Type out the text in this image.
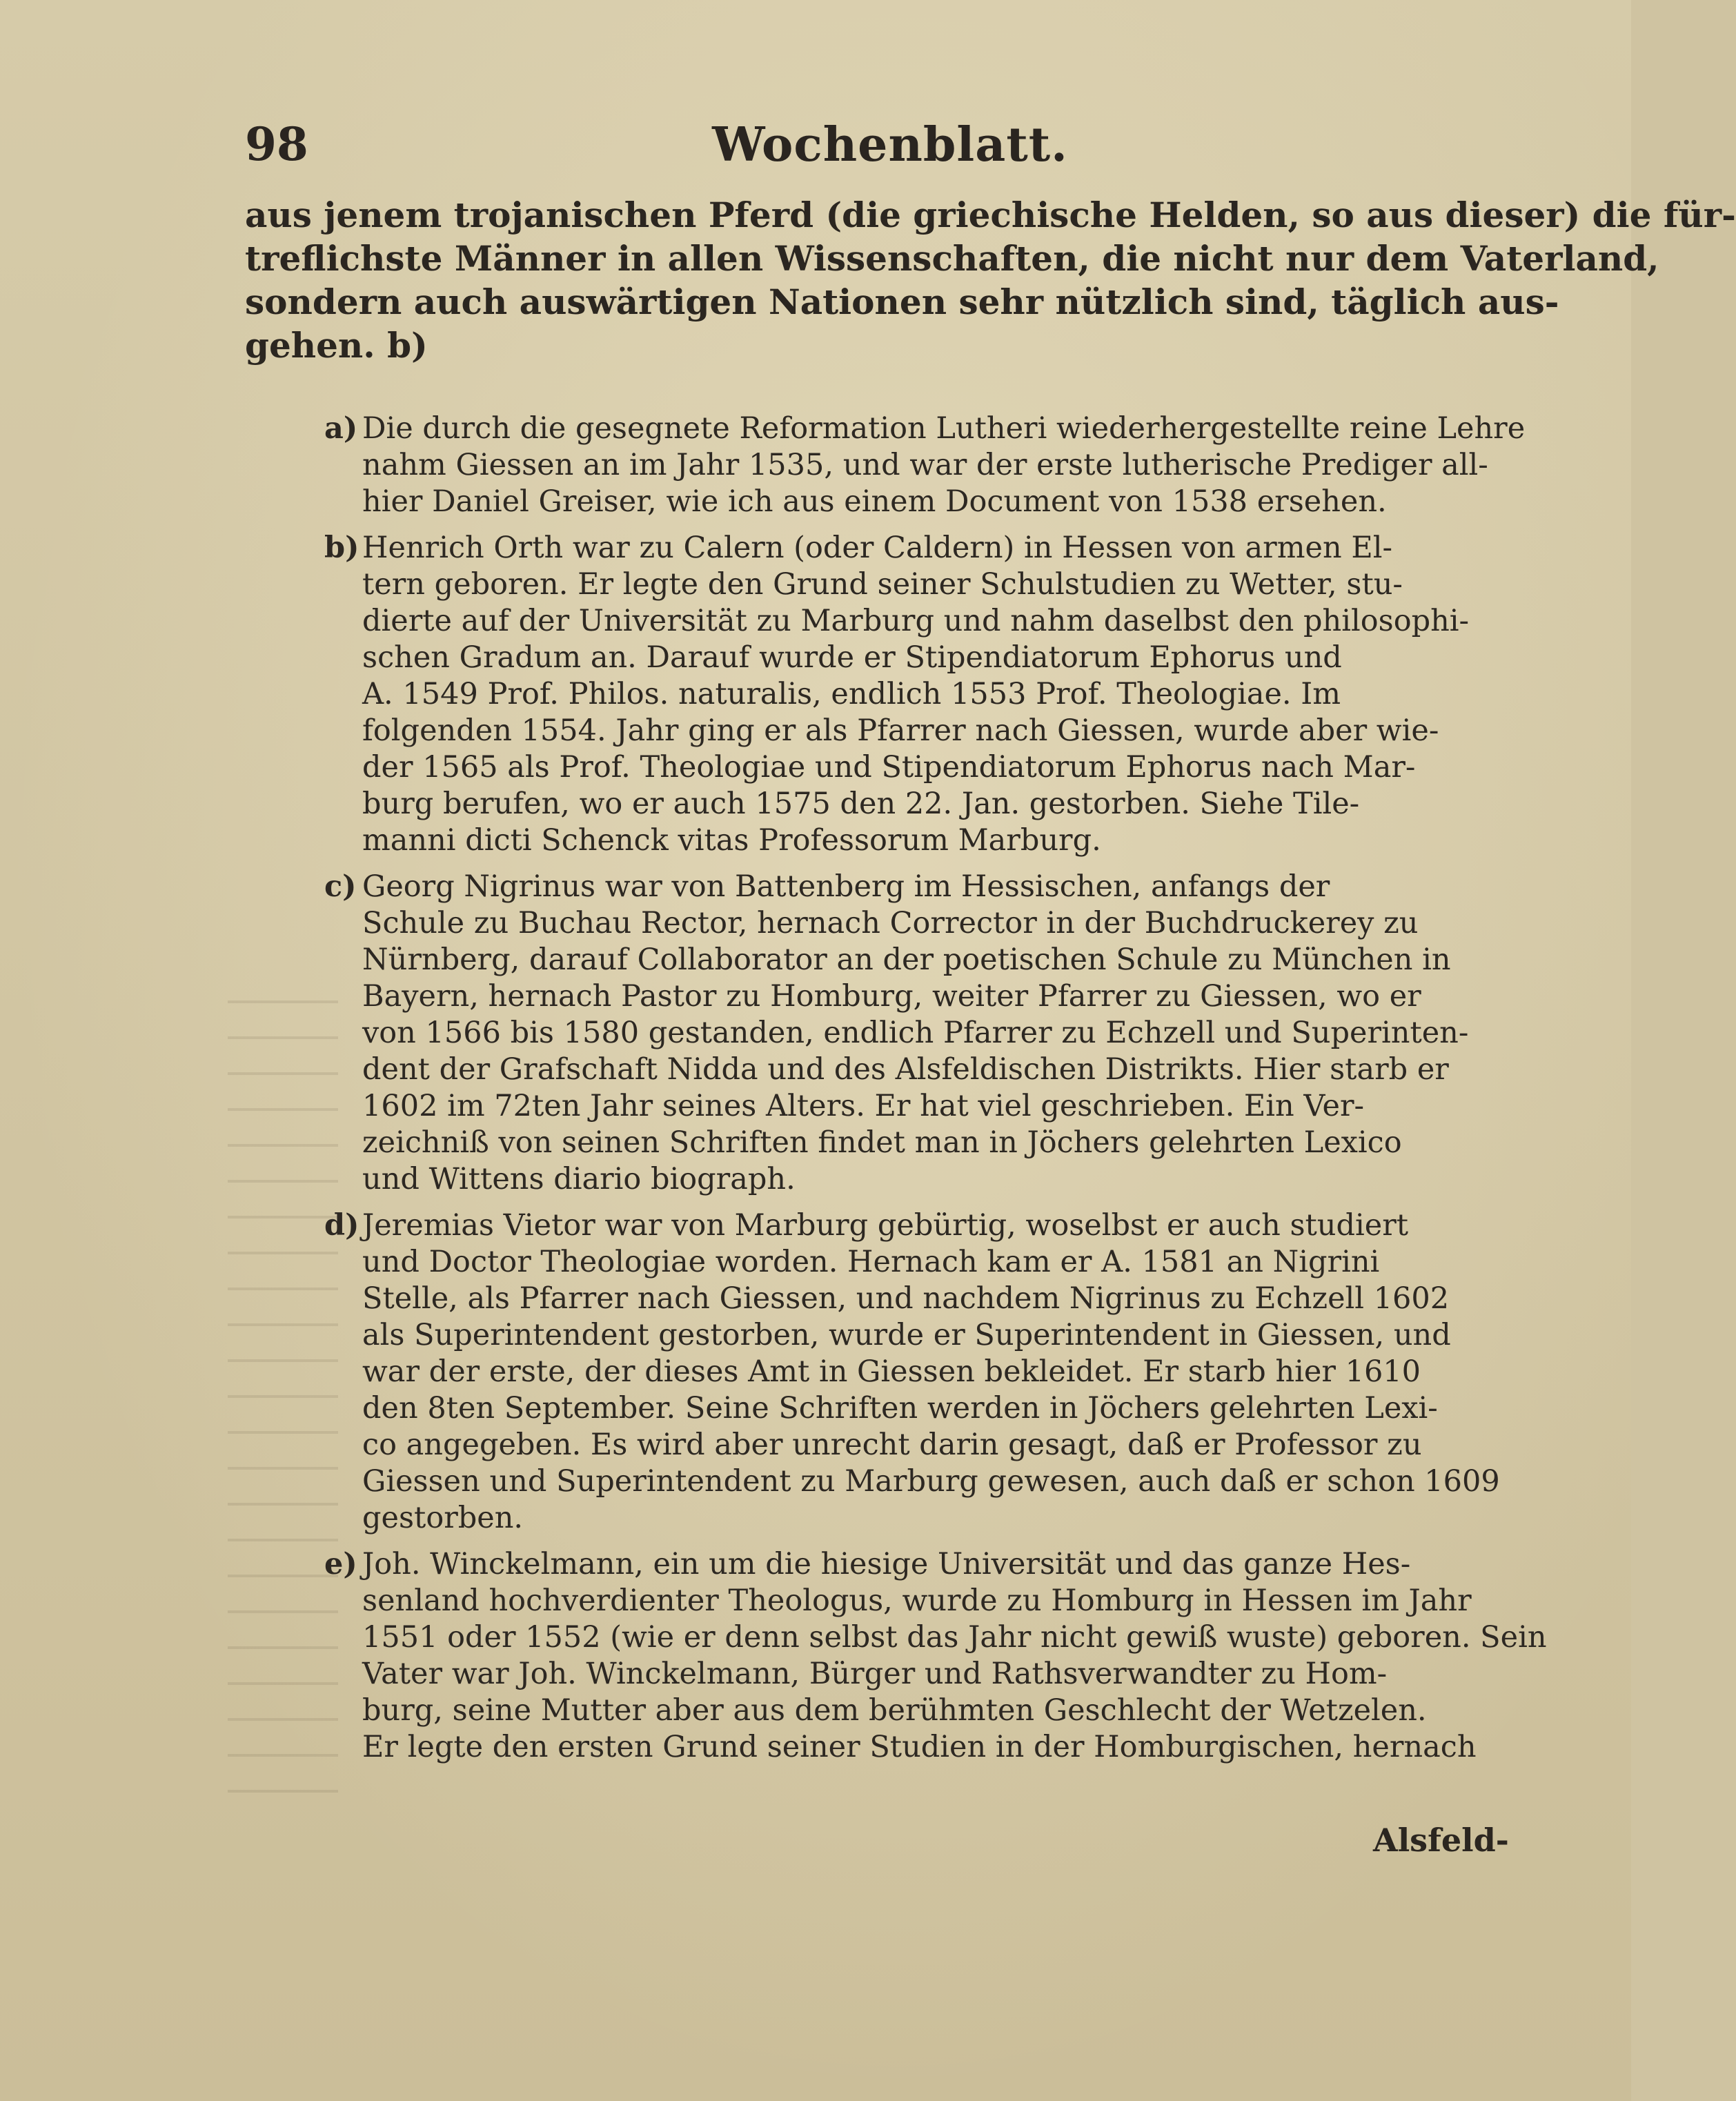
98	Wochenblatt.
aus jenem trojanischen Pferd (die griechische Helden, so aus dieser) die für-
treflichste Männer in allen Wissenschaften, die nicht nur dem Vaterland,
sondern auch auswärtigen Nationen sehr nützlich sind, täglich aus-
gehen. b)
a) Die durch die gesegnete Reformation Lutheri wiederhergestellte reine Lehre
nahm Giessen an im Jahr 1535, und war der erste lutherische Prediger all-
hier Daniel Greiser, wie ich aus einem Document von 1538 ersehen.
b) Henrich Orth war zu Calern (oder Caldern) in Hessen von armen El-
tern geboren. Er legte den Grund seiner Schulstudien zu Wetter, stu-
dierte auf der Universität zu Marburg und nahm daselbst den philosophi-
schen Gradum an. Darauf wurde er Stipendiatorum Ephorus und
A. 1549 Prof. Philos. naturalis, endlich 1553 Prof. Theologiae. Im
folgenden 1554. Jahr ging er als Pfarrer nach Giessen, wurde aber wie-
der 1565 als Prof. Theologiae und Stipendiatorum Ephorus nach Mar-
burg berufen, wo er auch 1575 den 22. Jan. gestorben. Siehe Tile-
manni dicti Schenck vitas Professorum Marburg.
c) Georg Nigrinus war von Battenberg im Hessischen, anfangs der
Schule zu Buchau Rector, hernach Corrector in der Buchdruckerey zu
Nürnberg, darauf Collaborator an der poetischen Schule zu München in
Bayern, hernach Pastor zu Homburg, weiter Pfarrer zu Giessen, wo er
von 1566 bis 1580 gestanden, endlich Pfarrer zu Echzell und Superinten-
dent der Grafschaft Nidda und des Alsfeldischen Distrikts. Hier starb er
1602 im 72ten Jahr seines Alters. Er hat viel geschrieben. Ein Ver-
zeichniß von seinen Schriften findet man in Jöchers gelehrten Lexico
und Wittens diario biograph.
d) Jeremias Vietor war von Marburg gebürtig, woselbst er auch studiert
und Doctor Theologiae worden. Hernach kam er A. 1581 an Nigrini
Stelle, als Pfarrer nach Giessen, und nachdem Nigrinus zu Echzell 1602
als Superintendent gestorben, wurde er Superintendent in Giessen, und
war der erste, der dieses Amt in Giessen bekleidet. Er starb hier 1610
den 8ten September. Seine Schriften werden in Jöchers gelehrten Lexi-
co angegeben. Es wird aber unrecht darin gesagt, daß er Professor zu
Giessen und Superintendent zu Marburg gewesen, auch daß er schon 1609
gestorben.
e) Joh. Winckelmann, ein um die hiesige Universität und das ganze Hes-
senland hochverdienter Theologus, wurde zu Homburg in Hessen im Jahr
1551 oder 1552 (wie er denn selbst das Jahr nicht gewiß wuste) geboren. Sein
Vater war Joh. Winckelmann, Bürger und Rathsverwandter zu Hom-
burg, seine Mutter aber aus dem berühmten Geschlecht der Wetzelen.
Er legte den ersten Grund seiner Studien in der Homburgischen, hernach
Alsfeld-
